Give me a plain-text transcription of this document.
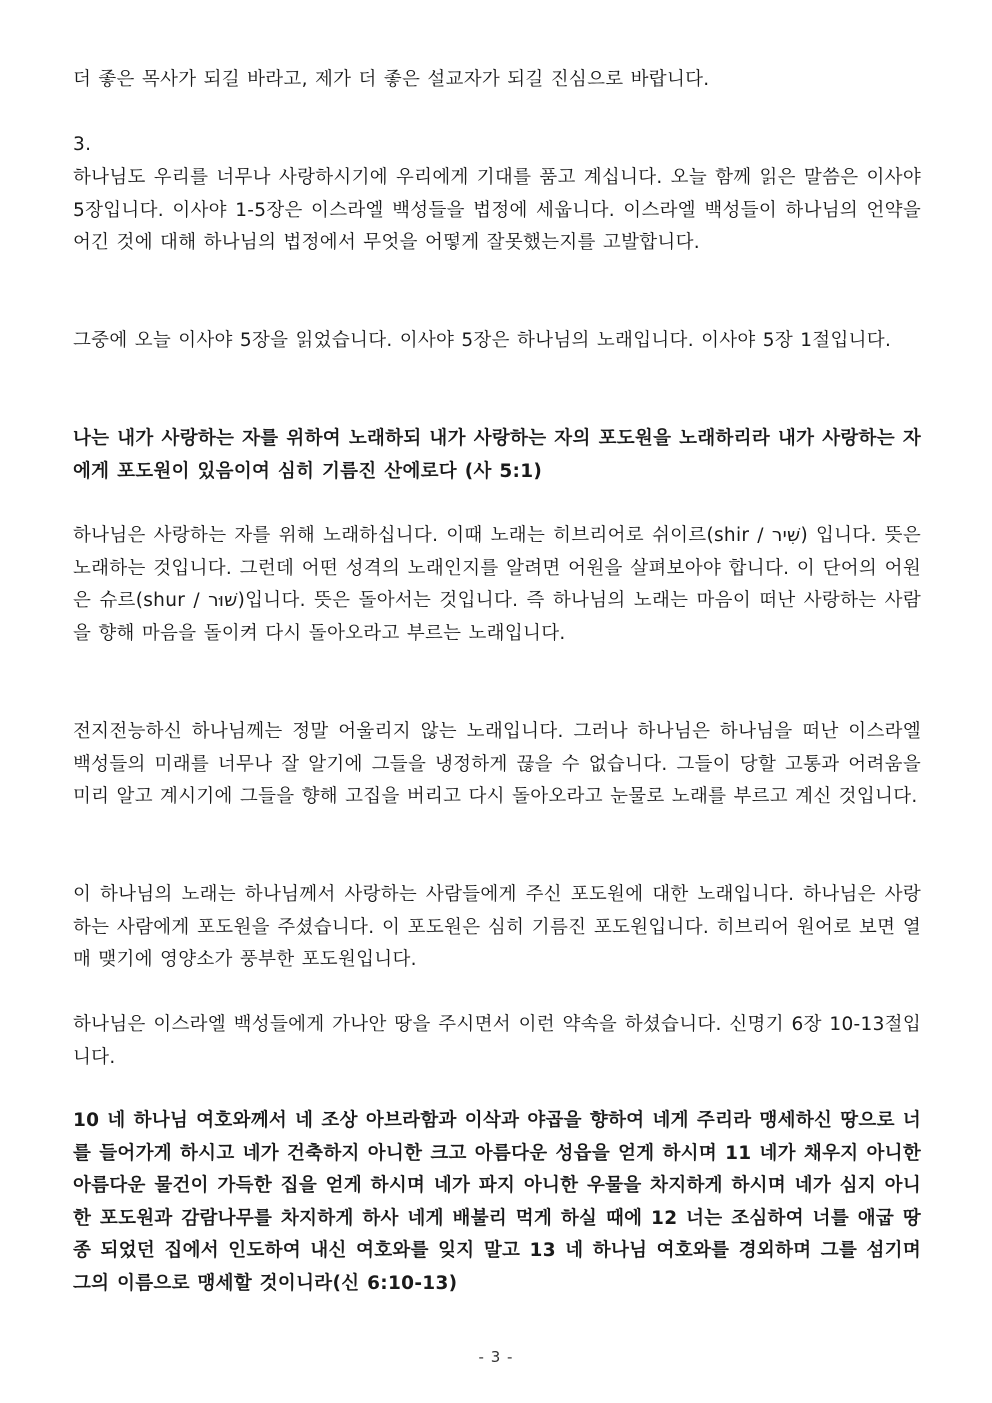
더 좋은 목사가 되길 바라고, 제가 더 좋은 설교자가 되길 진심으로 바랍니다.
3.
하나님도 우리를 너무나 사랑하시기에 우리에게 기대를 품고 계십니다. 오늘 함께 읽은 말씀은 이사야 5장입니다. 이사야 1-5장은 이스라엘 백성들을 법정에 세웁니다. 이스라엘 백성들이 하나님의 언약을 어긴 것에 대해 하나님의 법정에서 무엇을 어떻게 잘못했는지를 고발합니다.
그중에 오늘 이사야 5장을 읽었습니다. 이사야 5장은 하나님의 노래입니다. 이사야 5장 1절입니다.
나는 내가 사랑하는 자를 위하여 노래하되 내가 사랑하는 자의 포도원을 노래하리라 내가 사랑하는 자에게 포도원이 있음이여 심히 기름진 산에로다 (사 5:1)
하나님은 사랑하는 자를 위해 노래하십니다. 이때 노래는 히브리어로 쉬이르(shir / שִׁיר) 입니다. 뜻은 노래하는 것입니다. 그런데 어떤 성격의 노래인지를 알려면 어원을 살펴보아야 합니다. 이 단어의 어원은 슈르(shur / שׁוּר)입니다. 뜻은 돌아서는 것입니다. 즉 하나님의 노래는 마음이 떠난 사랑하는 사람을 향해 마음을 돌이켜 다시 돌아오라고 부르는 노래입니다.
전지전능하신 하나님께는 정말 어울리지 않는 노래입니다. 그러나 하나님은 하나님을 떠난 이스라엘 백성들의 미래를 너무나 잘 알기에 그들을 냉정하게 끊을 수 없습니다. 그들이 당할 고통과 어려움을 미리 알고 계시기에 그들을 향해 고집을 버리고 다시 돌아오라고 눈물로 노래를 부르고 계신 것입니다.
이 하나님의 노래는 하나님께서 사랑하는 사람들에게 주신 포도원에 대한 노래입니다. 하나님은 사랑하는 사람에게 포도원을 주셨습니다. 이 포도원은 심히 기름진 포도원입니다. 히브리어 원어로 보면 열매 맺기에 영양소가 풍부한 포도원입니다.
하나님은 이스라엘 백성들에게 가나안 땅을 주시면서 이런 약속을 하셨습니다. 신명기 6장 10-13절입니다.
10 네 하나님 여호와께서 네 조상 아브라함과 이삭과 야곱을 향하여 네게 주리라 맹세하신 땅으로 너를 들어가게 하시고 네가 건축하지 아니한 크고 아름다운 성읍을 얻게 하시며 11 네가 채우지 아니한 아름다운 물건이 가득한 집을 얻게 하시며 네가 파지 아니한 우물을 차지하게 하시며 네가 심지 아니한 포도원과 감람나무를 차지하게 하사 네게 배불리 먹게 하실 때에 12 너는 조심하여 너를 애굽 땅 종 되었던 집에서 인도하여 내신 여호와를 잊지 말고 13 네 하나님 여호와를 경외하며 그를 섬기며 그의 이름으로 맹세할 것이니라(신 6:10-13)
- 3 -
